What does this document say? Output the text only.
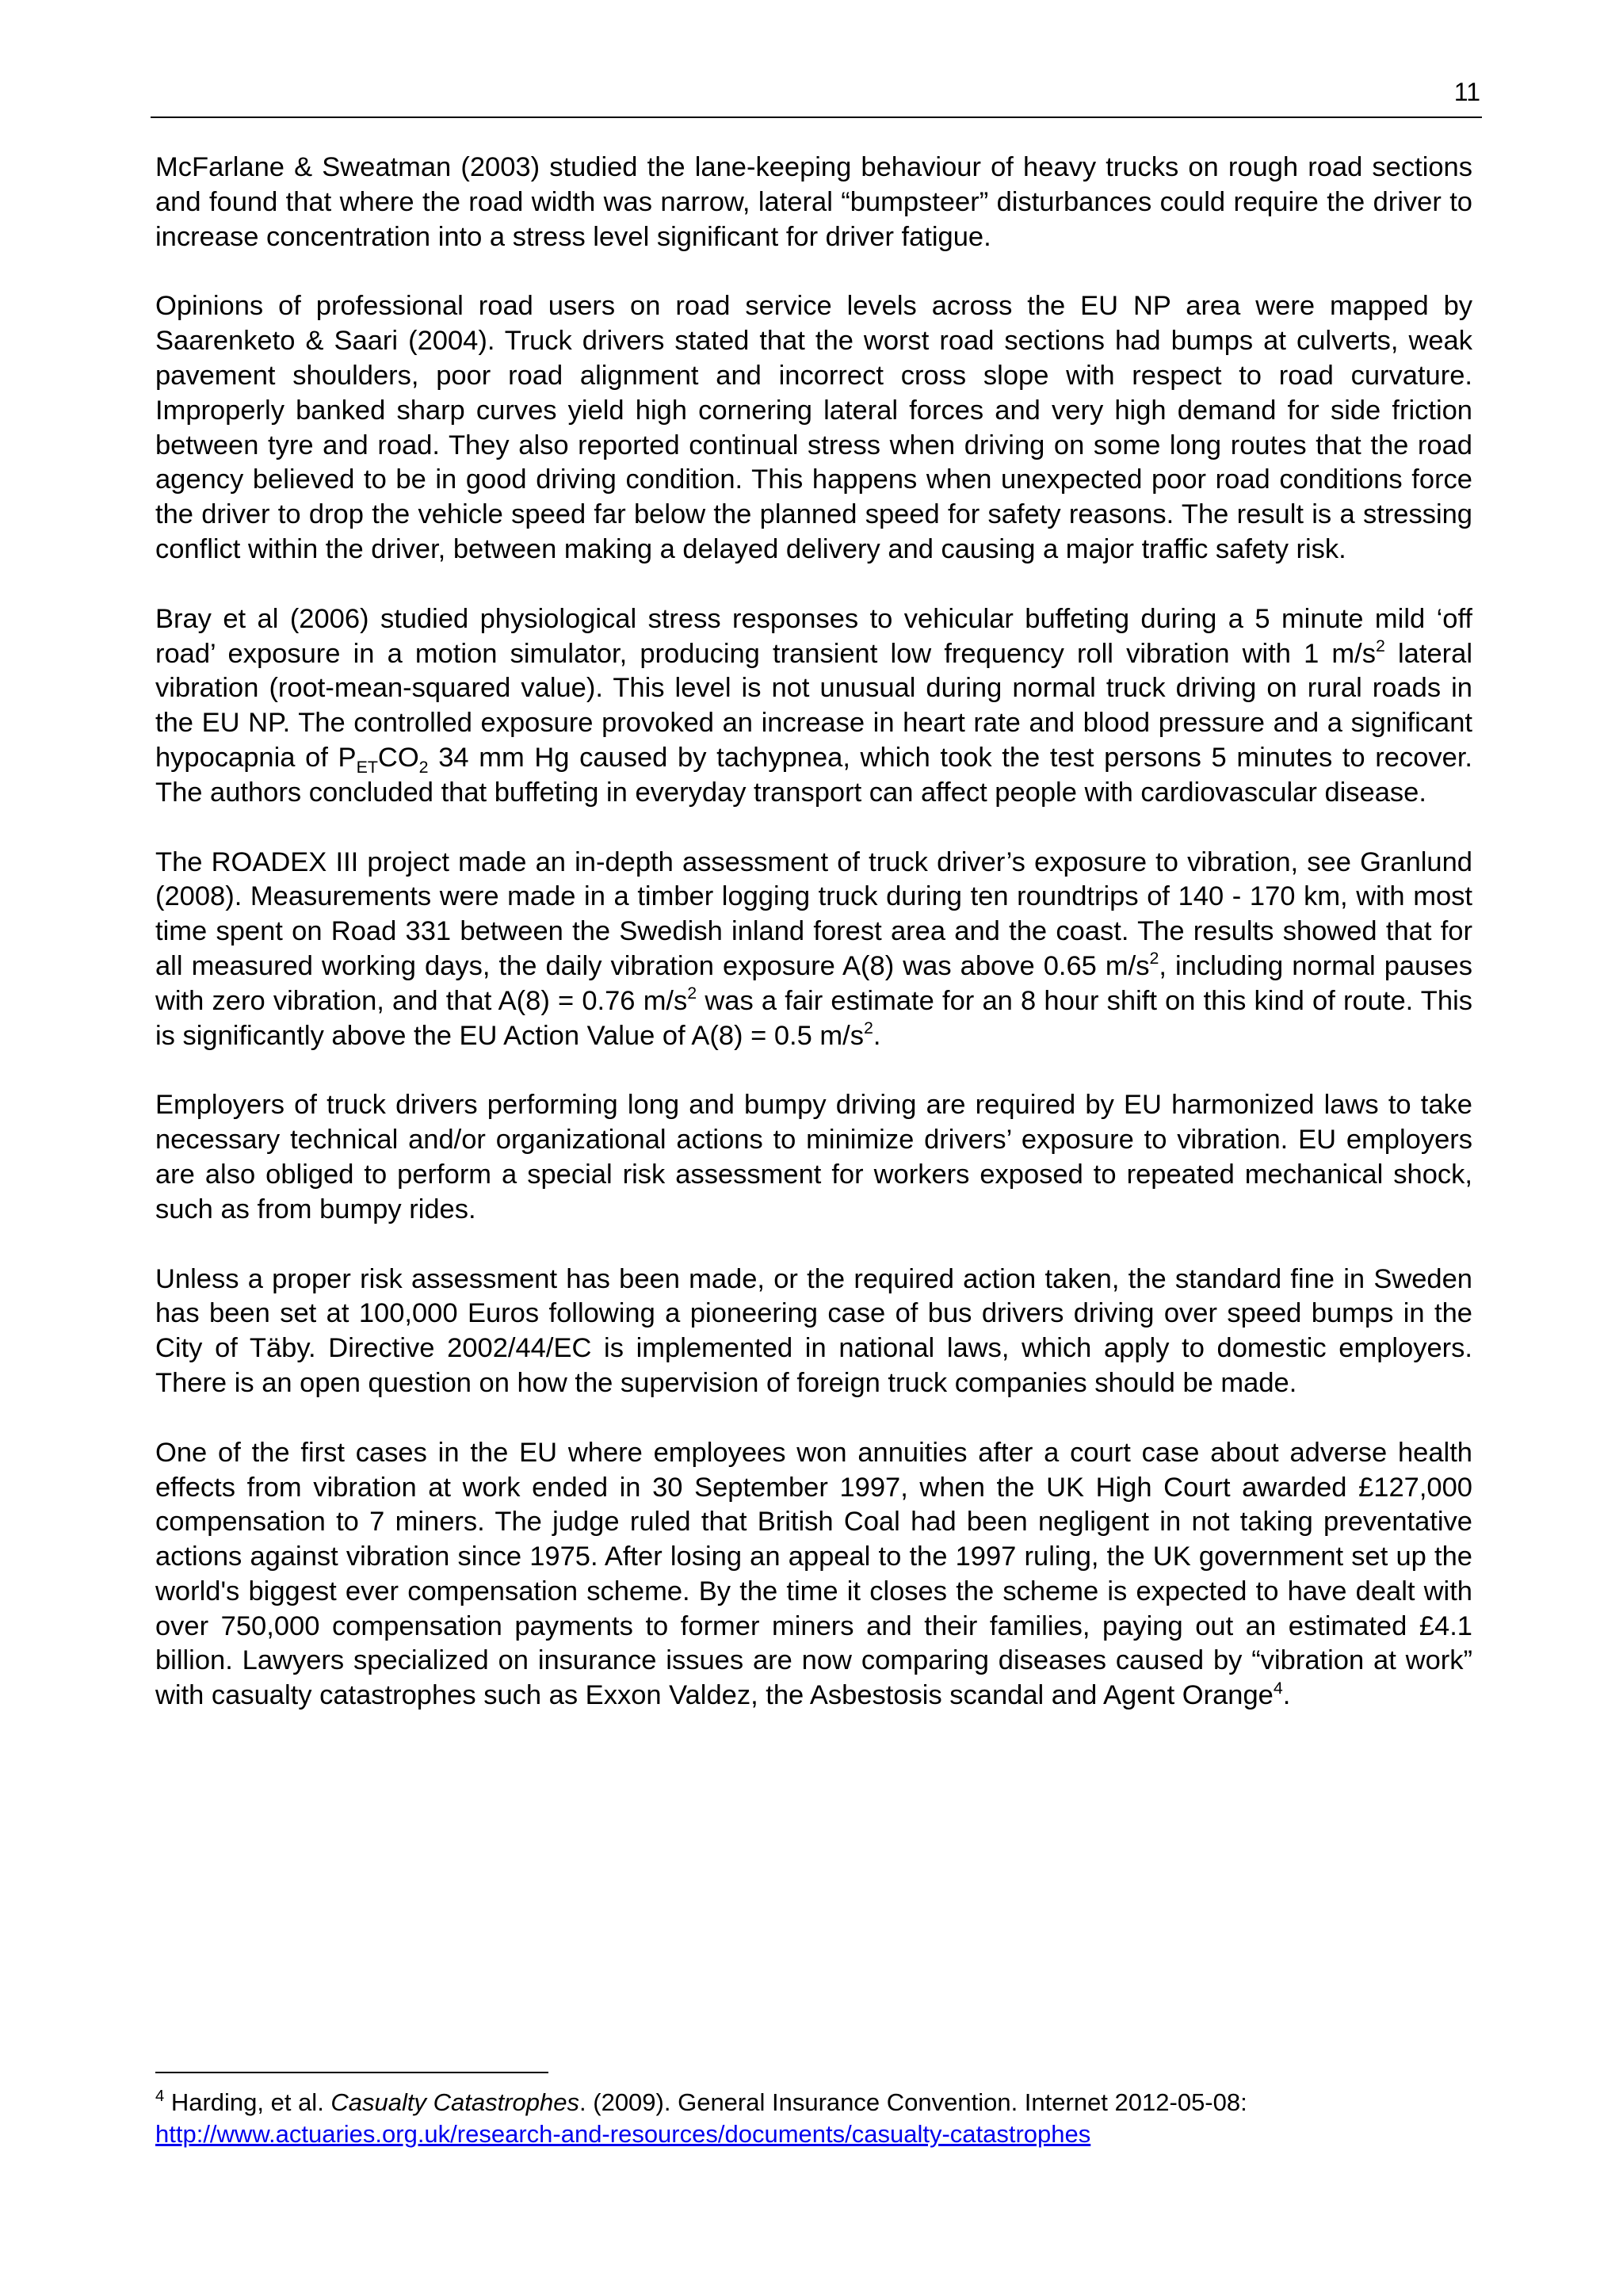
11

McFarlane & Sweatman (2003) studied the lane-keeping behaviour of heavy trucks on rough road sections and found that where the road width was narrow, lateral “bumpsteer” disturbances could require the driver to increase concentration into a stress level significant for driver fatigue.

Opinions of professional road users on road service levels across the EU NP area were mapped by Saarenketo & Saari (2004). Truck drivers stated that the worst road sections had bumps at culverts, weak pavement shoulders, poor road alignment and incorrect cross slope with respect to road curvature. Improperly banked sharp curves yield high cornering lateral forces and very high demand for side friction between tyre and road. They also reported continual stress when driving on some long routes that the road agency believed to be in good driving condition. This happens when unexpected poor road conditions force the driver to drop the vehicle speed far below the planned speed for safety reasons. The result is a stressing conflict within the driver, between making a delayed delivery and causing a major traffic safety risk.

Bray et al (2006) studied physiological stress responses to vehicular buffeting during a 5 minute mild ‘off road’ exposure in a motion simulator, producing transient low frequency roll vibration with 1 $m/s^2$ lateral vibration (root-mean-squared value). This level is not unusual during normal truck driving on rural roads in the EU NP. The controlled exposure provoked an increase in heart rate and blood pressure and a significant hypocapnia of $P_{ET}CO_2$ 34 mm Hg caused by tachypnea, which took the test persons 5 minutes to recover. The authors concluded that buffeting in everyday transport can affect people with cardiovascular disease.

The ROADEX III project made an in-depth assessment of truck driver’s exposure to vibration, see Granlund (2008). Measurements were made in a timber logging truck during ten roundtrips of 140 - 170 km, with most time spent on Road 331 between the Swedish inland forest area and the coast. The results showed that for all measured working days, the daily vibration exposure A(8) was above 0.65 $m/s^2$, including normal pauses with zero vibration, and that A(8) = 0.76 $m/s^2$ was a fair estimate for an 8 hour shift on this kind of route. This is significantly above the EU Action Value of A(8) = 0.5 $m/s^2$.

Employers of truck drivers performing long and bumpy driving are required by EU harmonized laws to take necessary technical and/or organizational actions to minimize drivers’ exposure to vibration. EU employers are also obliged to perform a special risk assessment for workers exposed to repeated mechanical shock, such as from bumpy rides.

Unless a proper risk assessment has been made, or the required action taken, the standard fine in Sweden has been set at 100,000 Euros following a pioneering case of bus drivers driving over speed bumps in the City of Täby. Directive 2002/44/EC is implemented in national laws, which apply to domestic employers. There is an open question on how the supervision of foreign truck companies should be made.

One of the first cases in the EU where employees won annuities after a court case about adverse health effects from vibration at work ended in 30 September 1997, when the UK High Court awarded £127,000 compensation to 7 miners. The judge ruled that British Coal had been negligent in not taking preventative actions against vibration since 1975. After losing an appeal to the 1997 ruling, the UK government set up the world's biggest ever compensation scheme. By the time it closes the scheme is expected to have dealt with over 750,000 compensation payments to former miners and their families, paying out an estimated £4.1 billion. Lawyers specialized on insurance issues are now comparing diseases caused by “vibration at work” with casualty catastrophes such as Exxon Valdez, the Asbestosis scandal and Agent Orange$^4$.

$^4$ Harding, et al. Casualty Catastrophes. (2009). General Insurance Convention. Internet 2012-05-08:
http://www.actuaries.org.uk/research-and-resources/documents/casualty-catastrophes
